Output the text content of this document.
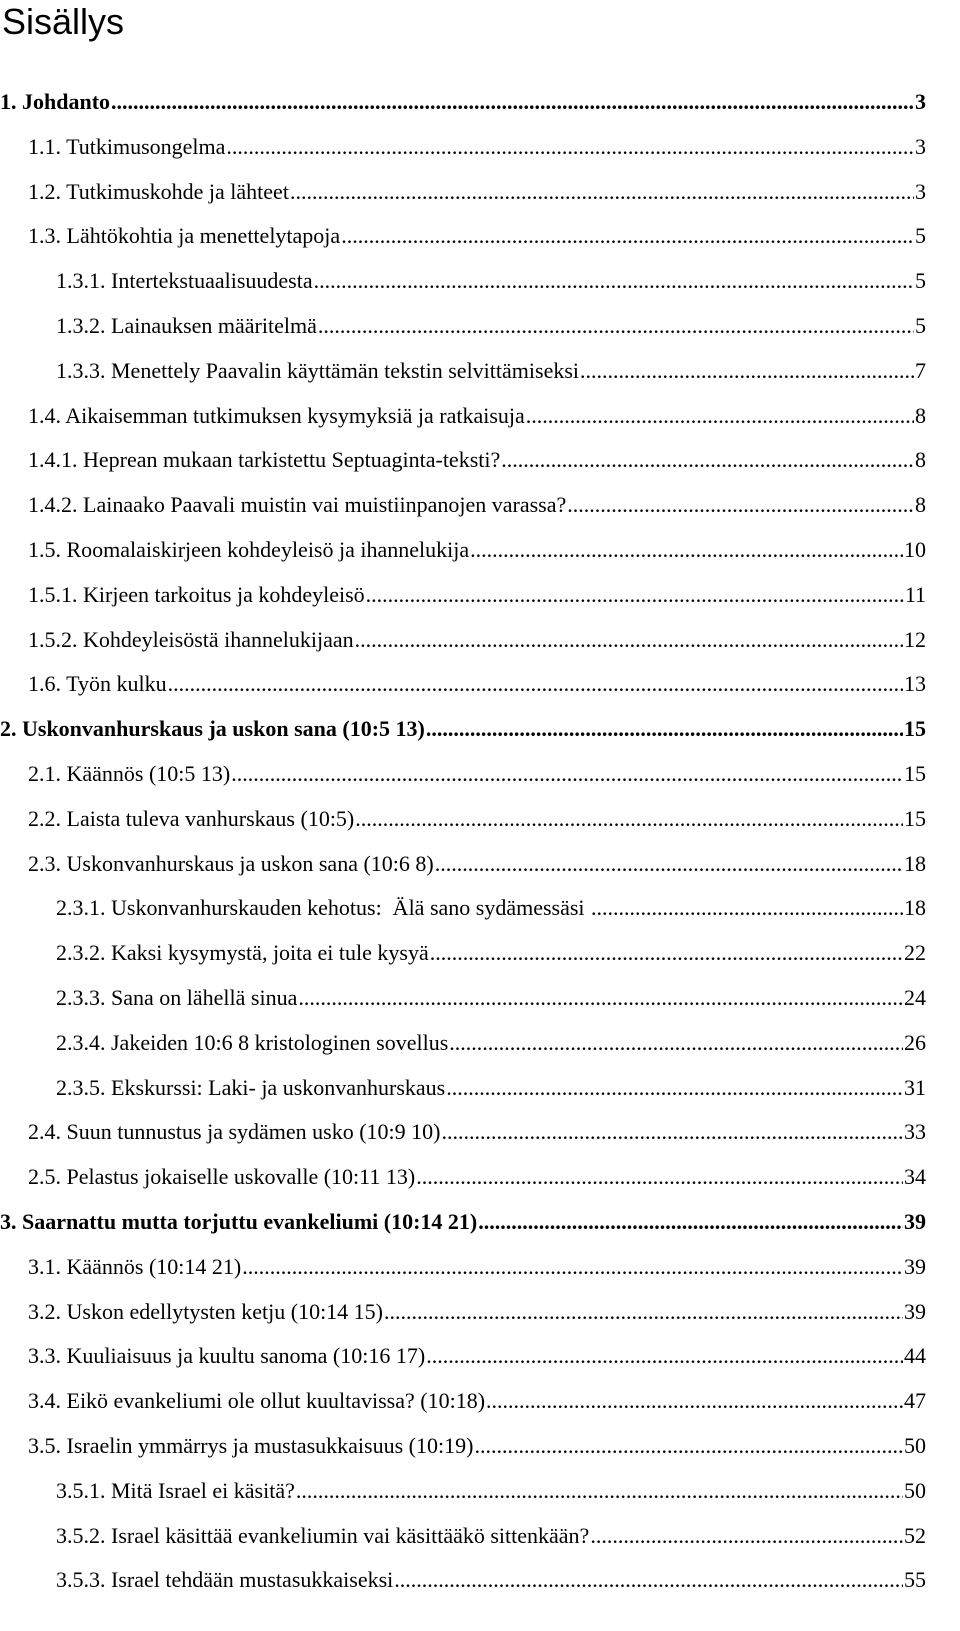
Sisällys
1. Johdanto .....	3
1.1. Tutkimusongelma .....	3
1.2. Tutkimuskohde ja lähteet .....	3
1.3. Lähtökohtia ja menettelytapoja .....	5
1.3.1. Intertekstuaalisuudesta .....	5
1.3.2. Lainauksen määritelmä .....	5
1.3.3. Menettely Paavalin käyttämän tekstin selvittämiseksi .....	7
1.4. Aikaisemman tutkimuksen kysymyksiä ja ratkaisuja .....	8
1.4.1. Heprean mukaan tarkistettu Septuaginta-teksti? .....	8
1.4.2. Lainaako Paavali muistin vai muistiinpanojen varassa? .....	8
1.5. Roomalaiskirjeen kohdeyleisö ja ihannelukija .....	10
1.5.1. Kirjeen tarkoitus ja kohdeyleisö .....	11
1.5.2. Kohdeyleisöstä ihannelukijaan .....	12
1.6. Työn kulku .....	13
2. Uskonvanhurskaus ja uskon sana (10:5 13) .....	15
2.1. Käännös (10:5 13) .....	15
2.2. Laista tuleva vanhurskaus (10:5) .....	15
2.3. Uskonvanhurskaus ja uskon sana (10:6 8) .....	18
2.3.1. Uskonvanhurskauden kehotus:  Älä sano sydämessäsi .....	18
2.3.2. Kaksi kysymystä, joita ei tule kysyä .....	22
2.3.3. Sana on lähellä sinua .....	24
2.3.4. Jakeiden 10:6 8 kristologinen sovellus .....	26
2.3.5. Ekskurssi: Laki- ja uskonvanhurskaus .....	31
2.4. Suun tunnustus ja sydämen usko (10:9 10) .....	33
2.5. Pelastus jokaiselle uskovalle (10:11 13) .....	34
3. Saarnattu mutta torjuttu evankeliumi (10:14 21) .....	39
3.1. Käännös (10:14 21) .....	39
3.2. Uskon edellytysten ketju (10:14 15) .....	39
3.3. Kuuliaisuus ja kuultu sanoma (10:16 17) .....	44
3.4. Eikö evankeliumi ole ollut kuultavissa? (10:18) .....	47
3.5. Israelin ymmärrys ja mustasukkaisuus (10:19) .....	50
3.5.1. Mitä Israel ei käsitä? .....	50
3.5.2. Israel käsittää evankeliumin vai käsittääkö sittenkään? .....	52
3.5.3. Israel tehdään mustasukkaiseksi .....	55
